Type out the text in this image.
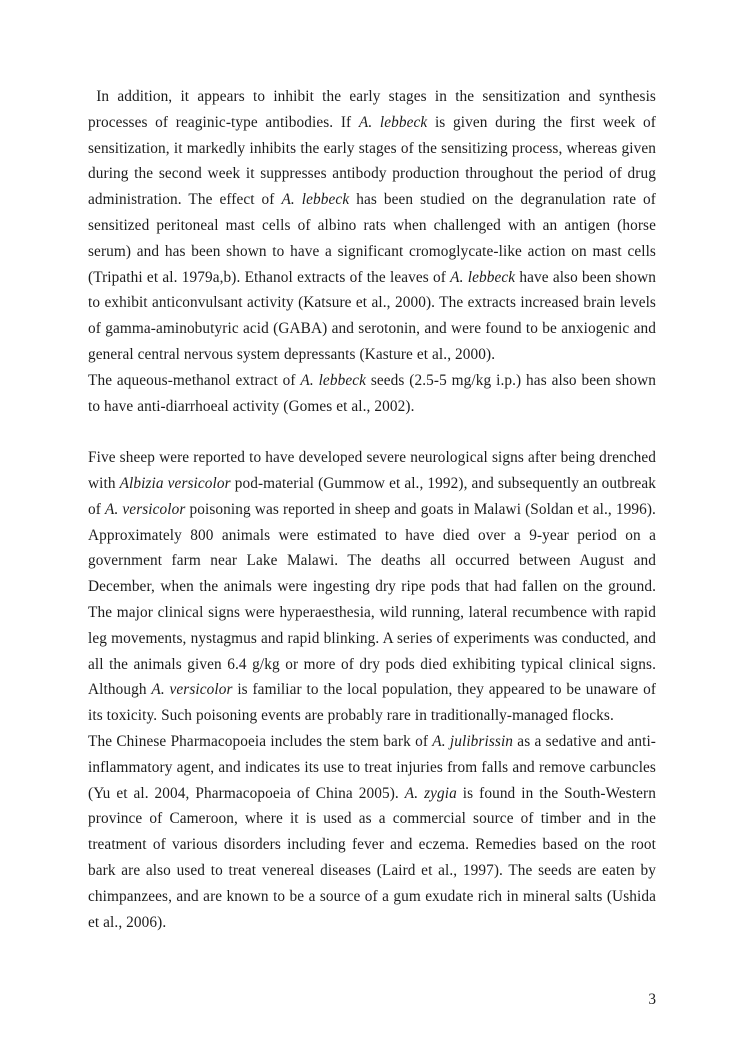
In addition, it appears to inhibit the early stages in the sensitization and synthesis processes of reaginic-type antibodies. If A. lebbeck is given during the first week of sensitization, it markedly inhibits the early stages of the sensitizing process, whereas given during the second week it suppresses antibody production throughout the period of drug administration. The effect of A. lebbeck has been studied on the degranulation rate of sensitized peritoneal mast cells of albino rats when challenged with an antigen (horse serum) and has been shown to have a significant cromoglycate-like action on mast cells (Tripathi et al. 1979a,b). Ethanol extracts of the leaves of A. lebbeck have also been shown to exhibit anticonvulsant activity (Katsure et al., 2000). The extracts increased brain levels of gamma-aminobutyric acid (GABA) and serotonin, and were found to be anxiogenic and general central nervous system depressants (Kasture et al., 2000).

The aqueous-methanol extract of A. lebbeck seeds (2.5-5 mg/kg i.p.) has also been shown to have anti-diarrhoeal activity (Gomes et al., 2002).

Five sheep were reported to have developed severe neurological signs after being drenched with Albizia versicolor pod-material (Gummow et al., 1992), and subsequently an outbreak of A. versicolor poisoning was reported in sheep and goats in Malawi (Soldan et al., 1996). Approximately 800 animals were estimated to have died over a 9-year period on a government farm near Lake Malawi. The deaths all occurred between August and December, when the animals were ingesting dry ripe pods that had fallen on the ground. The major clinical signs were hyperaesthesia, wild running, lateral recumbence with rapid leg movements, nystagmus and rapid blinking. A series of experiments was conducted, and all the animals given 6.4 g/kg or more of dry pods died exhibiting typical clinical signs. Although A. versicolor is familiar to the local population, they appeared to be unaware of its toxicity. Such poisoning events are probably rare in traditionally-managed flocks.

The Chinese Pharmacopoeia includes the stem bark of A. julibrissin as a sedative and anti-inflammatory agent, and indicates its use to treat injuries from falls and remove carbuncles (Yu et al. 2004, Pharmacopoeia of China 2005). A. zygia is found in the South-Western province of Cameroon, where it is used as a commercial source of timber and in the treatment of various disorders including fever and eczema. Remedies based on the root bark are also used to treat venereal diseases (Laird et al., 1997). The seeds are eaten by chimpanzees, and are known to be a source of a gum exudate rich in mineral salts (Ushida et al., 2006).

3
